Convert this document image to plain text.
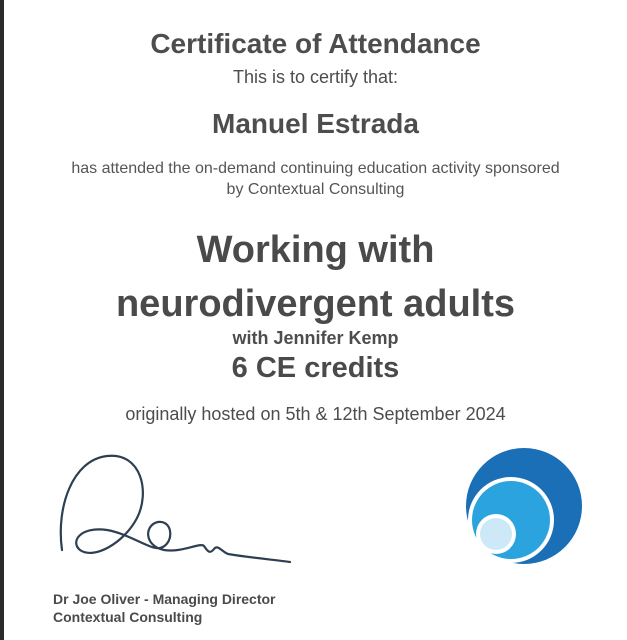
Certificate of Attendance
This is to certify that:
Manuel Estrada
has attended the on-demand continuing education activity sponsored
by Contextual Consulting
Working with
neurodivergent adults
with Jennifer Kemp
6 CE credits
originally hosted on 5th & 12th September 2024
Dr Joe Oliver - Managing Director
Contextual Consulting
